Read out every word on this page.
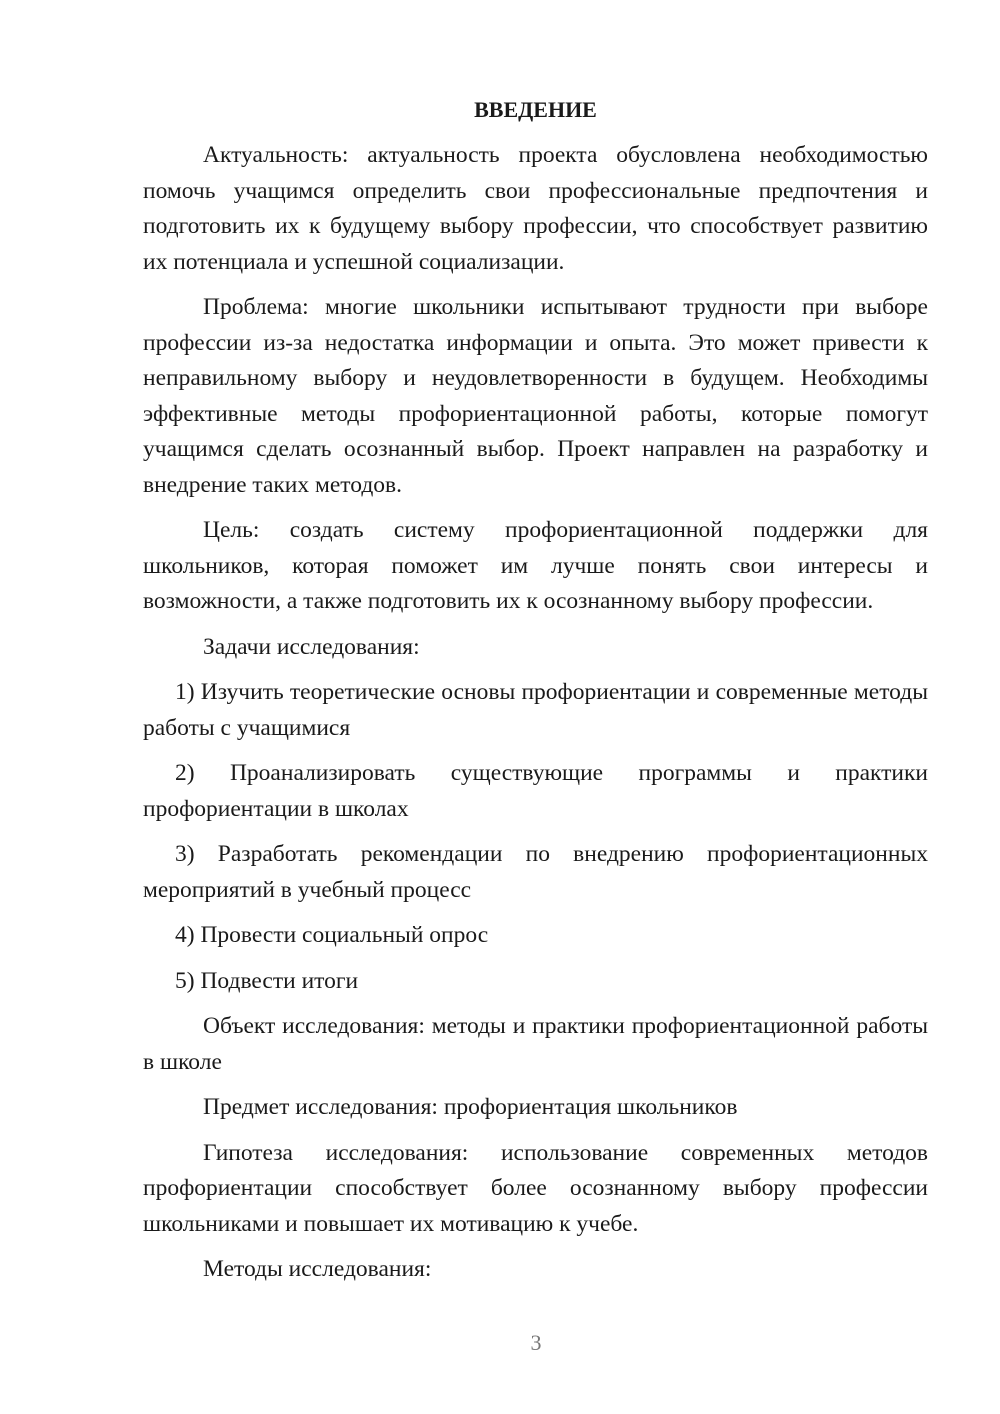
ВВЕДЕНИЕ

Актуальность: актуальность проекта обусловлена необходимостью помочь учащимся определить свои профессиональные предпочтения и подготовить их к будущему выбору профессии, что способствует развитию их потенциала и успешной социализации.

Проблема: многие школьники испытывают трудности при выборе профессии из-за недостатка информации и опыта. Это может привести к неправильному выбору и неудовлетворенности в будущем. Необходимы эффективные методы профориентационной работы, которые помогут учащимся сделать осознанный выбор. Проект направлен на разработку и внедрение таких методов.

Цель: создать систему профориентационной поддержки для школьников, которая поможет им лучше понять свои интересы и возможности, а также подготовить их к осознанному выбору профессии.

Задачи исследования:

1) Изучить теоретические основы профориентации и современные методы работы с учащимися

2) Проанализировать существующие программы и практики профориентации в школах

3) Разработать рекомендации по внедрению профориентационных мероприятий в учебный процесс

4) Провести социальный опрос

5) Подвести итоги

Объект исследования: методы и практики профориентационной работы в школе

Предмет исследования: профориентация школьников

Гипотеза исследования: использование современных методов профориентации способствует более осознанному выбору профессии школьниками и повышает их мотивацию к учебе.

Методы исследования:

3
